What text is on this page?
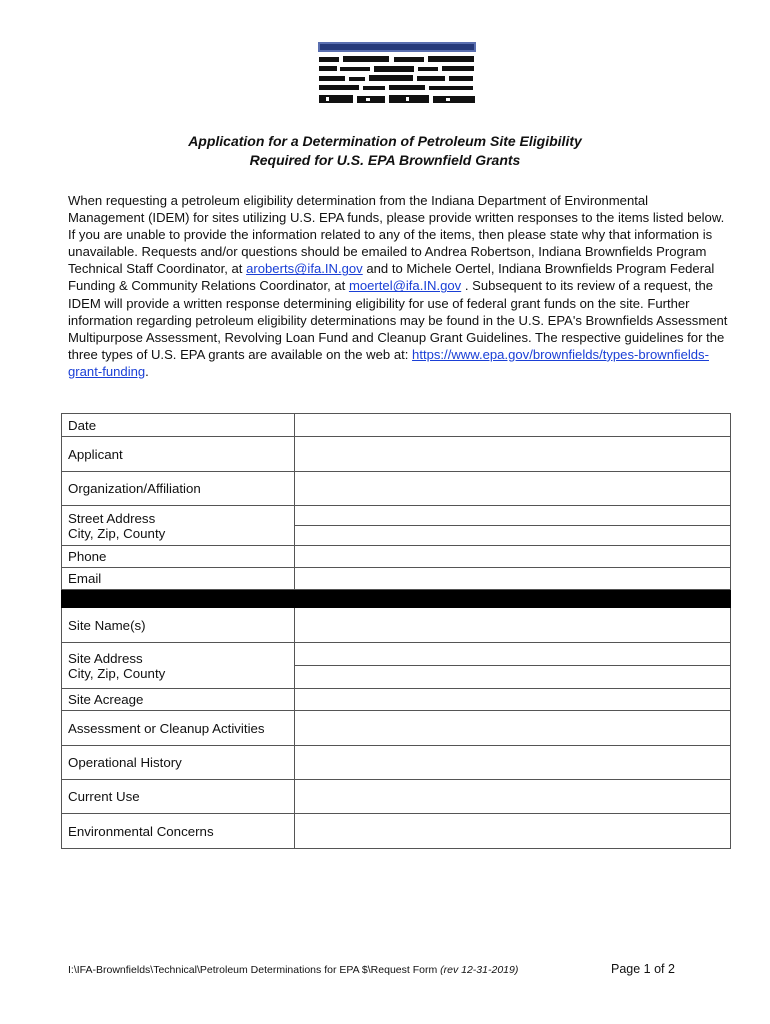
Application for a Determination of Petroleum Site Eligibility
Required for U.S. EPA Brownfield Grants
When requesting a petroleum eligibility determination from the Indiana Department of Environmental Management (IDEM) for sites utilizing U.S. EPA funds, please provide written responses to the items listed below. If you are unable to provide the information related to any of the items, then please state why that information is unavailable. Requests and/or questions should be emailed to Andrea Robertson, Indiana Brownfields Program Technical Staff Coordinator, at aroberts@ifa.IN.gov and to Michele Oertel, Indiana Brownfields Program Federal Funding & Community Relations Coordinator, at moertel@ifa.IN.gov . Subsequent to its review of a request, the IDEM will provide a written response determining eligibility for use of federal grant funds on the site. Further information regarding petroleum eligibility determinations may be found in the U.S. EPA's Brownfields Assessment Multipurpose Assessment, Revolving Loan Fund and Cleanup Grant Guidelines. The respective guidelines for the three types of U.S. EPA grants are available on the web at: https://www.epa.gov/brownfields/types-brownfields-grant-funding.
Date	
Applicant	
Organization/Affiliation	

Street Address
City, Zip, County	

Phone	
Email	

Site Name(s)	

Site Address
City, Zip, County	

Site Acreage	
Assessment or Cleanup Activities	
Operational History	
Current Use	
Environmental Concerns	
I:\IFA-Brownfields\Technical\Petroleum Determinations for EPA $\Request Form (rev 12-31-2019)	Page 1 of 2
